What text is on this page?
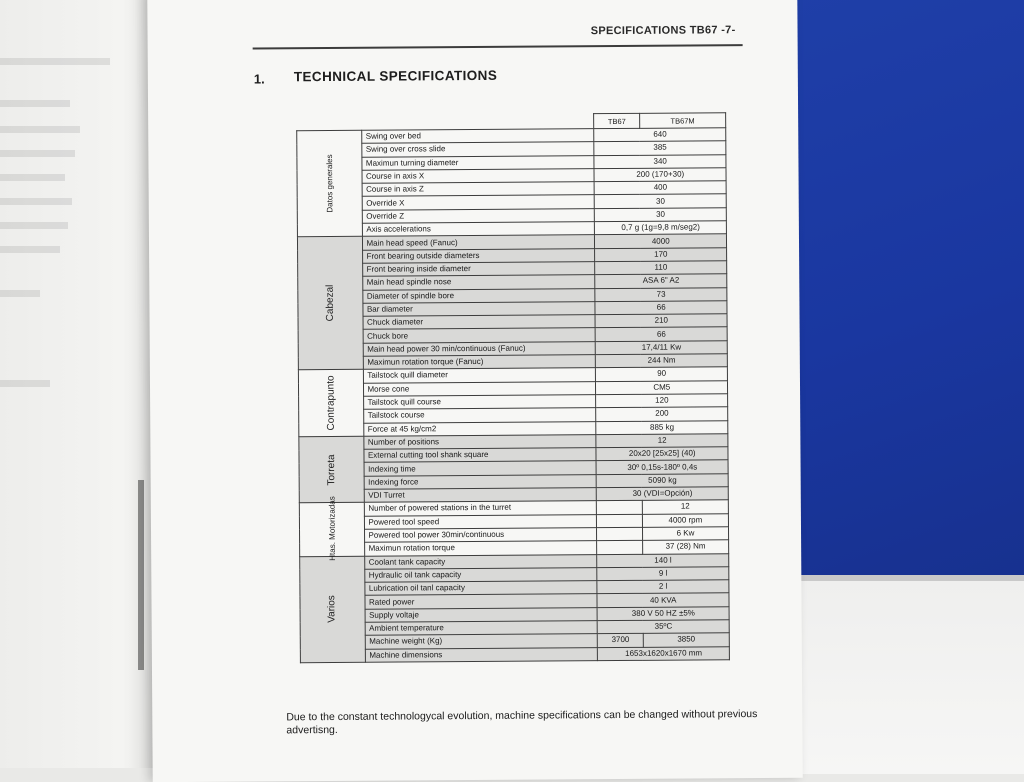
SPECIFICATIONS TB67 -7-
1. TECHNICAL SPECIFICATIONS
		TB67	TB67M
Datos generales	Swing over bed	640	
	Swing over cross slide	385	
	Maximun turning diameter	340	
	Course in axis X	200 (170+30)	
	Course in axis Z	400	
	Override X	30	
	Override Z	30	
	Axis accelerations	0,7 g (1g=9,8 m/seg2)	
Cabezal	Main head speed (Fanuc)	4000	
	Front bearing outside diameters	170	
	Front bearing inside diameter	110	
	Main head spindle nose	ASA 6" A2	
	Diameter of spindle bore	73	
	Bar diameter	66	
	Chuck diameter	210	
	Chuck bore	66	
	Main head power 30 min/continuous (Fanuc)	17,4/11 Kw	
	Maximun rotation torque (Fanuc)	244 Nm	
Contrapunto	Tailstock quill diameter	90	
	Morse cone	CM5	
	Tailstock quill course	120	
	Tailstock course	200	
	Force at 45 kg/cm2	885 kg	
Torreta	Number of positions	12	
	External cutting tool shank square	20x20 [25x25] (40)	
	Indexing time	30º 0,15s-180º 0,4s	
	Indexing force	5090 kg	
	VDI Turret	30 (VDI=Opción)	
Htas. Motorizadas	Number of powered stations in the turret		12
	Powered tool speed		4000 rpm
	Powered tool power 30min/continuous		6 Kw
	Maximun rotation torque		37 (28) Nm
Varios	Coolant tank capacity	140 l	
	Hydraulic oil tank capacity	9 l	
	Lubrication oil tanl capacity	2 l	
	Rated power	40 KVA	
	Supply voltaje	380 V 50 HZ ±5%	
	Ambient temperature	35ºC	
	Machine weight (Kg)	3700	3850
	Machine dimensions	1653x1620x1670 mm	
Due to the constant technologycal evolution, machine specifications can be changed without previous advertisng.
